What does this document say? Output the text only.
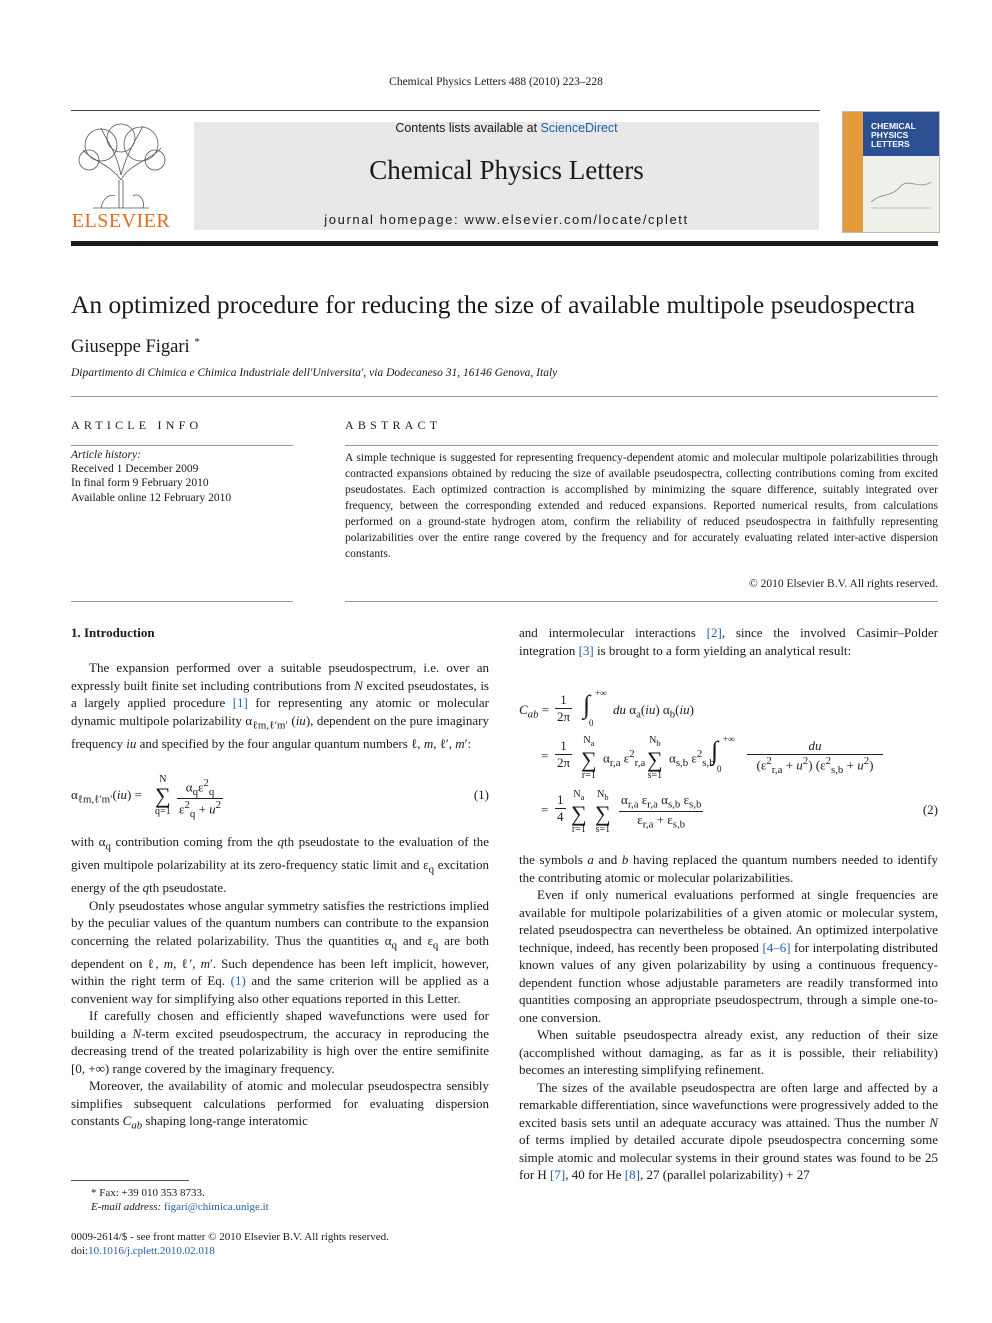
Chemical Physics Letters 488 (2010) 223–228
ELSEVIER
Contents lists available at ScienceDirect
Chemical Physics Letters
journal homepage: www.elsevier.com/locate/cplett
CHEMICAL
PHYSICS
LETTERS
An optimized procedure for reducing the size of available multipole pseudospectra
Giuseppe Figari *
Dipartimento di Chimica e Chimica Industriale dell'Universita', via Dodecaneso 31, 16146 Genova, Italy
ARTICLE INFO	ABSTRACT
Article history:
Received 1 December 2009
In final form 9 February 2010
Available online 12 February 2010
A simple technique is suggested for representing frequency-dependent atomic and molecular multipole polarizabilities through contracted expansions obtained by reducing the size of available pseudospectra, collecting contributions coming from excited pseudostates. Each optimized contraction is accomplished by minimizing the square difference, suitably integrated over frequency, between the corresponding extended and reduced expansions. Reported numerical results, from calculations performed on a ground-state hydrogen atom, confirm the reliability of reduced pseudospectra in faithfully representing polarizabilities over the entire range covered by the frequency and for accurately evaluating related inter-active dispersion constants.
© 2010 Elsevier B.V. All rights reserved.
1. Introduction

The expansion performed over a suitable pseudospectrum, i.e. over an expressly built finite set including contributions from N excited pseudostates, is a largely applied procedure [1] for representing any atomic or molecular dynamic multipole polarizability $\alpha_{\ell m,\ell'm'}$ (iu), dependent on the pure imaginary frequency iu and specified by the four angular quantum numbers ℓ, m, ℓ′, m′:

$\alpha_{\ell m,\ell'm'}(iu)$ =
N
∑
q=1
$\alpha_q\varepsilon^2_q$
$\varepsilon^2_q + u^2$
(1)

with $\alpha_q$ contribution coming from the qth pseudostate to the evaluation of the given multipole polarizability at its zero-frequency static limit and $\varepsilon_q$ excitation energy of the qth pseudostate.

Only pseudostates whose angular symmetry satisfies the restrictions implied by the peculiar values of the quantum numbers can contribute to the expansion concerning the related polarizability. Thus the quantities $\alpha_q$ and $\varepsilon_q$ are both dependent on ℓ, m, ℓ′, m′. Such dependence has been left implicit, however, within the right term of Eq. (1) and the same criterion will be applied as a convenient way for simplifying also other equations reported in this Letter.

If carefully chosen and efficiently shaped wavefunctions were used for building a N-term excited pseudospectrum, the accuracy in reproducing the decreasing trend of the treated polarizability is high over the entire semifinite [0, +∞) range covered by the imaginary frequency.

Moreover, the availability of atomic and molecular pseudospectra sensibly simplifies subsequent calculations performed for evaluating dispersion constants $C_{ab}$ shaping long-range interatomic

* Fax: +39 010 353 8733.
E-mail address: figari@chimica.unige.it
0009-2614/$ - see front matter © 2010 Elsevier B.V. All rights reserved.
doi:10.1016/j.cplett.2010.02.018

and intermolecular interactions [2], since the involved Casimir–Polder integration [3] is brought to a form yielding an analytical result:

$C_{ab} = \frac{1}{2\pi}$ ∫ +∞
0
du $\alpha_a(iu)$ $\alpha_b(iu)$
= $\frac{1}{2\pi} N_a$
∑
r=1
$\alpha_{r,a}$ $\varepsilon^2_{r,a}$
$N_b$
∑
s=1
$\alpha_{s,b}$ $\varepsilon^2_{s,b}$
∫ +∞
$0 \frac{du}{(\varepsilon^2_{r,a} + u^2) (\varepsilon^2_{s,b} + u^2)}$
= $\frac{1}{4} N_a$
∑
r=1
$N_b$
∑
$s=1 \frac{\alpha_{r,a} \varepsilon_{r,a} \alpha_{s,b} \varepsilon_{s,b}}{\varepsilon_{r,a} + \varepsilon_{s,b}}$	(2)

the symbols a and b having replaced the quantum numbers needed to identify the contributing atomic or molecular polarizabilities.

Even if only numerical evaluations performed at single frequencies are available for multipole polarizabilities of a given atomic or molecular system, related pseudospectra can nevertheless be obtained. An optimized interpolative technique, indeed, has recently been proposed [4–6] for interpolating distributed known values of any given polarizability by using a continuous frequency-dependent function whose adjustable parameters are readily transformed into quantities composing an appropriate pseudospectrum, through a simple one-to-one conversion.

When suitable pseudospectra already exist, any reduction of their size (accomplished without damaging, as far as it is possible, their reliability) becomes an interesting simplifying refinement.

The sizes of the available pseudospectra are often large and affected by a remarkable differentiation, since wavefunctions were progressively added to the excited basis sets until an adequate accuracy was attained. Thus the number N of terms implied by detailed accurate dipole pseudospectra concerning some simple atomic and molecular systems in their ground states was found to be 25 for H [7], 40 for He [8], 27 (parallel polarizability) + 27
